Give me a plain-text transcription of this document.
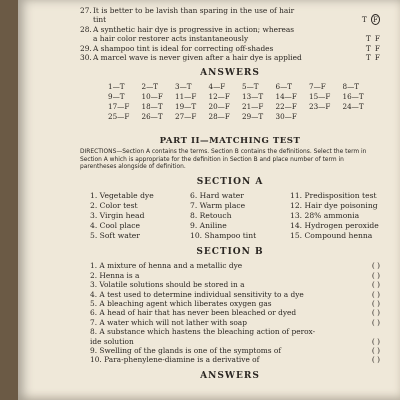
27.It is better to be lavish than sparing in the use of hair
tint	T F
28.A synthetic hair dye is progressive in action; whereas
a hair color restorer acts instantaneously	T F
29.A shampoo tint is ideal for correcting off-shades	T F
30.A marcel wave is never given after a hair dye is applied	T F
ANSWERS
1—T	2—T	3—T	4—F	5—T	6—T	7—F	8—T
9—T	10—F	11—F	12—F	13—T	14—F	15—F	16—T
17—F	18—T	19—T	20—F	21—F	22—F	23—F	24—T
25—F	26—T	27—F	28—F	29—T	30—F
PART II—MATCHING TEST
DIRECTIONS—Section A contains the terms. Section B contains the definitions. Select the term in Section A which is appropriate for the definition in Section B and place number of term in parentheses alongside of definition.
SECTION A
1. Vegetable dye	6. Hard water	11. Predisposition test
2. Color test	7. Warm place	12. Hair dye poisoning
3. Virgin head	8. Retouch	13. 28% ammonia
4. Cool place	9. Aniline	14. Hydrogen peroxide
5. Soft water	10. Shampoo tint	15. Compound henna
SECTION B
1. A mixture of henna and a metallic dye	( )
2. Henna is a	( )
3. Volatile solutions should be stored in a	( )
4. A test used to determine individual sensitivity to a dye	( )
5. A bleaching agent which liberates oxygen gas	( )
6. A head of hair that has never been bleached or dyed	( )
7. A water which will not lather with soap	( )
8. A substance which hastens the bleaching action of perox-
ide solution	( )
9. Swelling of the glands is one of the symptoms of	( )
10. Para-phenylene-diamine is a derivative of	( )
ANSWERS
